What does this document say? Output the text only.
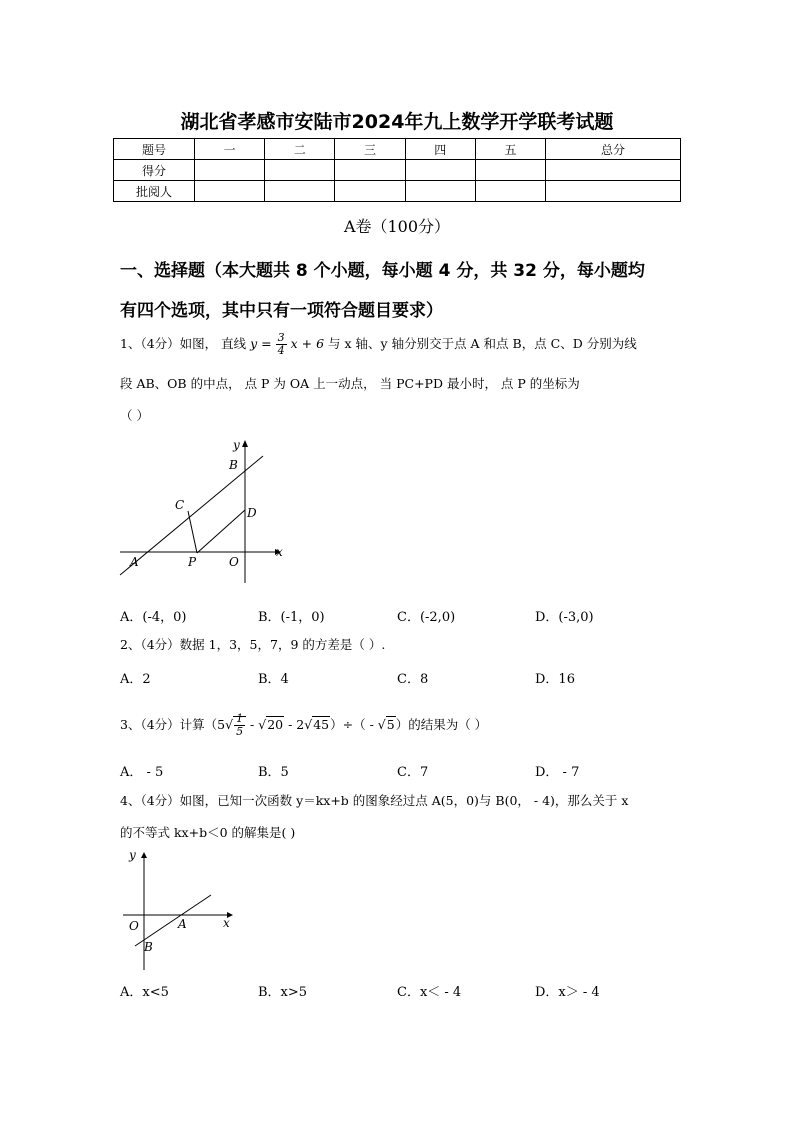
湖北省孝感市安陆市2024年九上数学开学联考试题
题号	一	二	三	四	五	总分
得分						
批阅人						
A卷（100分）
一、选择题（本大题共 8 个小题，每小题 4 分，共 32 分，每小题均
有四个选项，其中只有一项符合题目要求）
1、（4分）如图， 直线 $y = \frac{3}{4}$ x + 6 与 x 轴、y 轴分别交于点 A 和点 B，点 C、D 分别为线
段 AB、OB 的中点， 点 P 为 OA 上一动点， 当 PC+PD 最小时， 点 P 的坐标为
（ ）
y
x
B
C
D
A	P	O
A．(-4，0)	B．(-1，0)	C．(-2,0)	D．(-3,0)
2、（4分）数据 1，3，5，7，9 的方差是（ ）.
A．2	B．4	C．8	D．16
3、（4分）计算$(5√ \frac{1}{5} - √20 - 2√45)\div( - √5)$的结果为（ ）
A． - 5	B．5	C．7	D． - 7
4、（4分）如图，已知一次函数 y＝kx+b 的图象经过点 A(5，0)与 B(0， - 4)，那么关于 x
的不等式 kx+b＜0 的解集是( )
y
x
O	A
B
A．x<5	B．x>5	C．x＜ - 4	D．x＞ - 4
